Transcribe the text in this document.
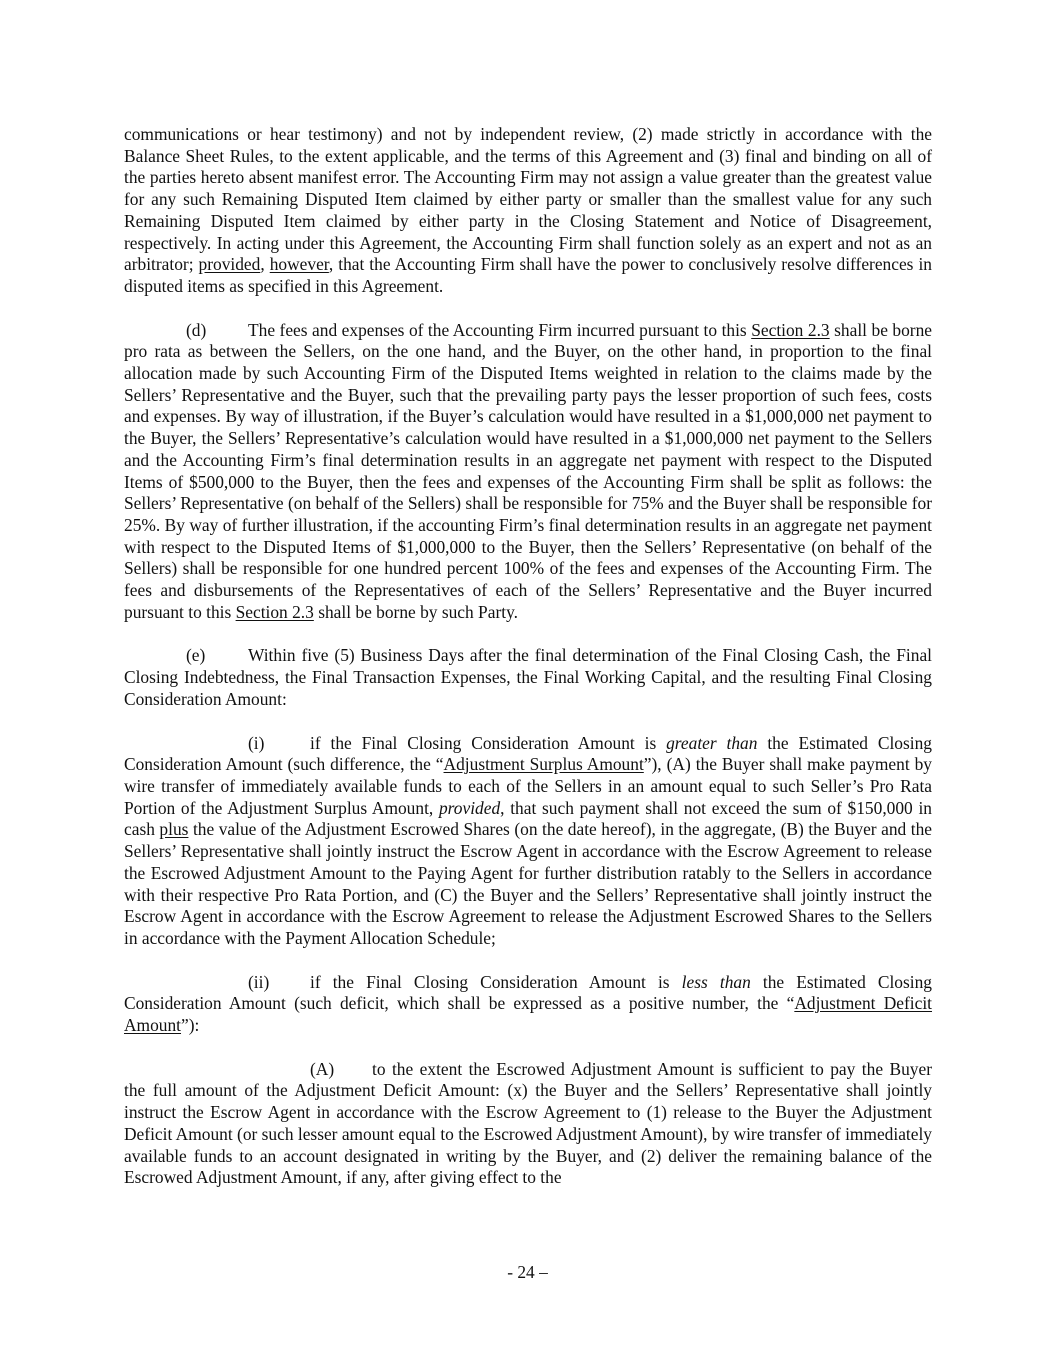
communications or hear testimony) and not by independent review, (2) made strictly in accordance with the Balance Sheet Rules, to the extent applicable, and the terms of this Agreement and (3) final and binding on all of the parties hereto absent manifest error. The Accounting Firm may not assign a value greater than the greatest value for any such Remaining Disputed Item claimed by either party or smaller than the smallest value for any such Remaining Disputed Item claimed by either party in the Closing Statement and Notice of Disagreement, respectively. In acting under this Agreement, the Accounting Firm shall function solely as an expert and not as an arbitrator; provided, however, that the Accounting Firm shall have the power to conclusively resolve differences in disputed items as specified in this Agreement.

(d) The fees and expenses of the Accounting Firm incurred pursuant to this Section 2.3 shall be borne pro rata as between the Sellers, on the one hand, and the Buyer, on the other hand, in proportion to the final allocation made by such Accounting Firm of the Disputed Items weighted in relation to the claims made by the Sellers’ Representative and the Buyer, such that the prevailing party pays the lesser proportion of such fees, costs and expenses. By way of illustration, if the Buyer’s calculation would have resulted in a $1,000,000 net payment to the Buyer, the Sellers’ Representative’s calculation would have resulted in a $1,000,000 net payment to the Sellers and the Accounting Firm’s final determination results in an aggregate net payment with respect to the Disputed Items of $500,000 to the Buyer, then the fees and expenses of the Accounting Firm shall be split as follows: the Sellers’ Representative (on behalf of the Sellers) shall be responsible for 75% and the Buyer shall be responsible for 25%. By way of further illustration, if the accounting Firm’s final determination results in an aggregate net payment with respect to the Disputed Items of $1,000,000 to the Buyer, then the Sellers’ Representative (on behalf of the Sellers) shall be responsible for one hundred percent 100% of the fees and expenses of the Accounting Firm. The fees and disbursements of the Representatives of each of the Sellers’ Representative and the Buyer incurred pursuant to this Section 2.3 shall be borne by such Party.

(e) Within five (5) Business Days after the final determination of the Final Closing Cash, the Final Closing Indebtedness, the Final Transaction Expenses, the Final Working Capital, and the resulting Final Closing Consideration Amount:

(i)	if the Final Closing Consideration Amount is greater than the Estimated Closing Consideration Amount (such difference, the “Adjustment Surplus Amount”), (A) the Buyer shall make payment by wire transfer of immediately available funds to each of the Sellers in an amount equal to such Seller’s Pro Rata Portion of the Adjustment Surplus Amount, provided, that such payment shall not exceed the sum of $150,000 in cash plus the value of the Adjustment Escrowed Shares (on the date hereof), in the aggregate, (B) the Buyer and the Sellers’ Representative shall jointly instruct the Escrow Agent in accordance with the Escrow Agreement to release the Escrowed Adjustment Amount to the Paying Agent for further distribution ratably to the Sellers in accordance with their respective Pro Rata Portion, and (C) the Buyer and the Sellers’ Representative shall jointly instruct the Escrow Agent in accordance with the Escrow Agreement to release the Adjustment Escrowed Shares to the Sellers in accordance with the Payment Allocation Schedule;

(ii) if the Final Closing Consideration Amount is less than the Estimated Closing Consideration Amount (such deficit, which shall be expressed as a positive number, the “Adjustment Deficit Amount”):

(A) to the extent the Escrowed Adjustment Amount is sufficient to pay the Buyer the full amount of the Adjustment Deficit Amount: (x) the Buyer and the Sellers’ Representative shall jointly instruct the Escrow Agent in accordance with the Escrow Agreement to (1) release to the Buyer the Adjustment Deficit Amount (or such lesser amount equal to the Escrowed Adjustment Amount), by wire transfer of immediately available funds to an account designated in writing by the Buyer, and (2) deliver the remaining balance of the Escrowed Adjustment Amount, if any, after giving effect to the

- 24 –
